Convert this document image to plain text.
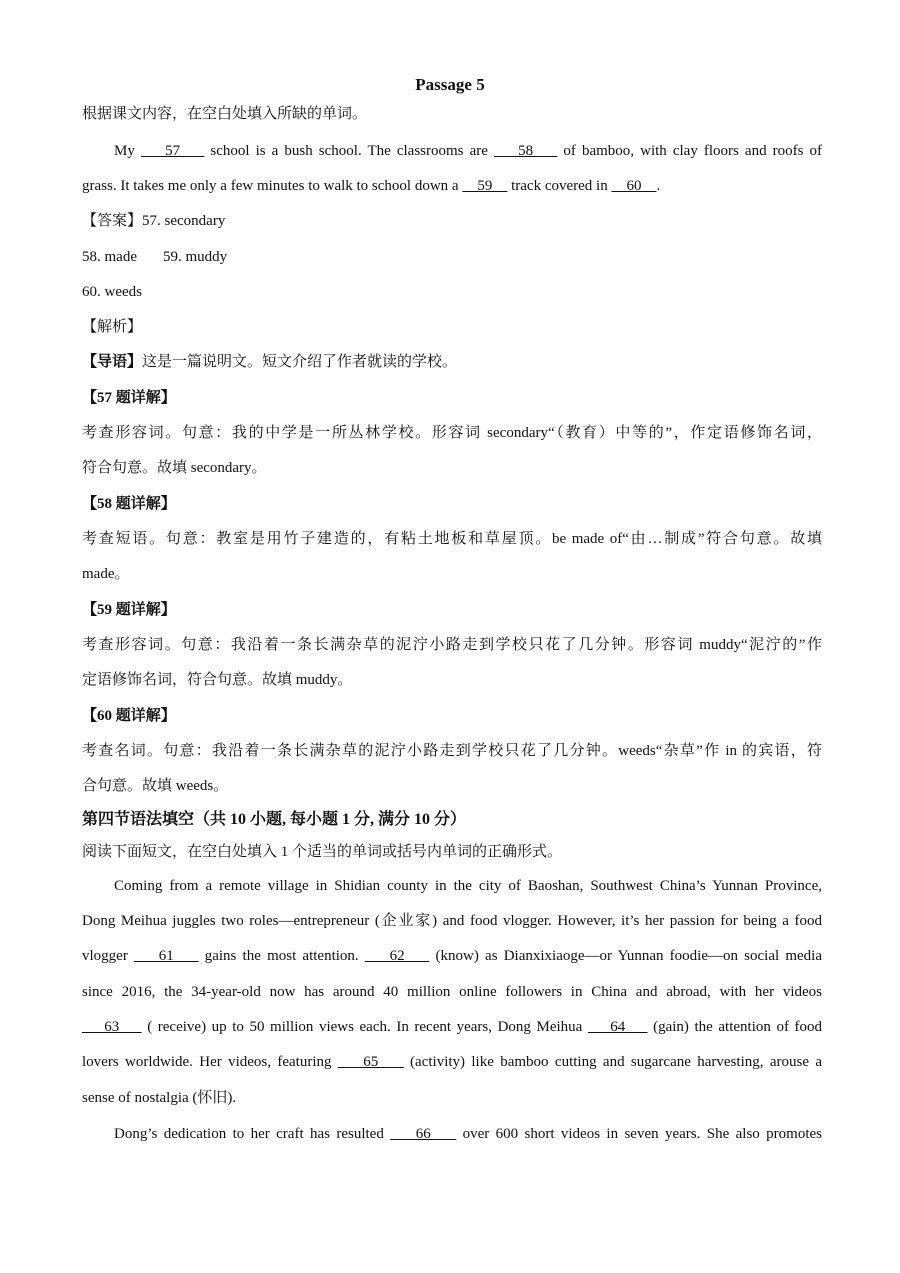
Passage 5
根据课文内容，在空白处填入所缺的单词。
My     57     school is a bush school. The classrooms are     58     of bamboo, with clay floors and roofs of
grass. It takes me only a few minutes to walk to school down a     59     track covered in     60    .
【答案】57. secondary
58. made 59. muddy
60. weeds
【解析】
【导语】这是一篇说明文。短文介绍了作者就读的学校。
【57 题详解】
考查形容词。句意：我的中学是一所丛林学校。形容词 secondary“（教育）中等的”，作定语修饰名词，
符合句意。故填 secondary。
【58 题详解】
考查短语。句意：教室是用竹子建造的，有粘土地板和草屋顶。be made of“由…制成”符合句意。故填
made。
【59 题详解】
考查形容词。句意：我沿着一条长满杂草的泥泞小路走到学校只花了几分钟。形容词 muddy“泥泞的”作
定语修饰名词，符合句意。故填 muddy。
【60 题详解】
考查名词。句意：我沿着一条长满杂草的泥泞小路走到学校只花了几分钟。weeds“杂草”作 in 的宾语，符
合句意。故填 weeds。
第四节语法填空（共 10 小题, 每小题 1 分, 满分 10 分）
阅读下面短文，在空白处填入 1 个适当的单词或括号内单词的正确形式。
Coming from a remote village in Shidian county in the city of Baoshan, Southwest China’s Yunnan Province,
Dong Meihua juggles two roles—entrepreneur (企业家) and food vlogger. However, it’s her passion for being a food
vlogger     61     gains the most attention.     62     (know) as Dianxixiaoge—or Yunnan foodie—on social media
since 2016, the 34-year-old now has around 40 million online followers in China and abroad, with her videos
63     ( receive) up to 50 million views each. In recent years, Dong Meihua     64     (gain) the attention of food
lovers worldwide. Her videos, featuring     65     (activity) like bamboo cutting and sugarcane harvesting, arouse a
sense of nostalgia (怀旧).
Dong’s dedication to her craft has resulted     66     over 600 short videos in seven years. She also promotes
